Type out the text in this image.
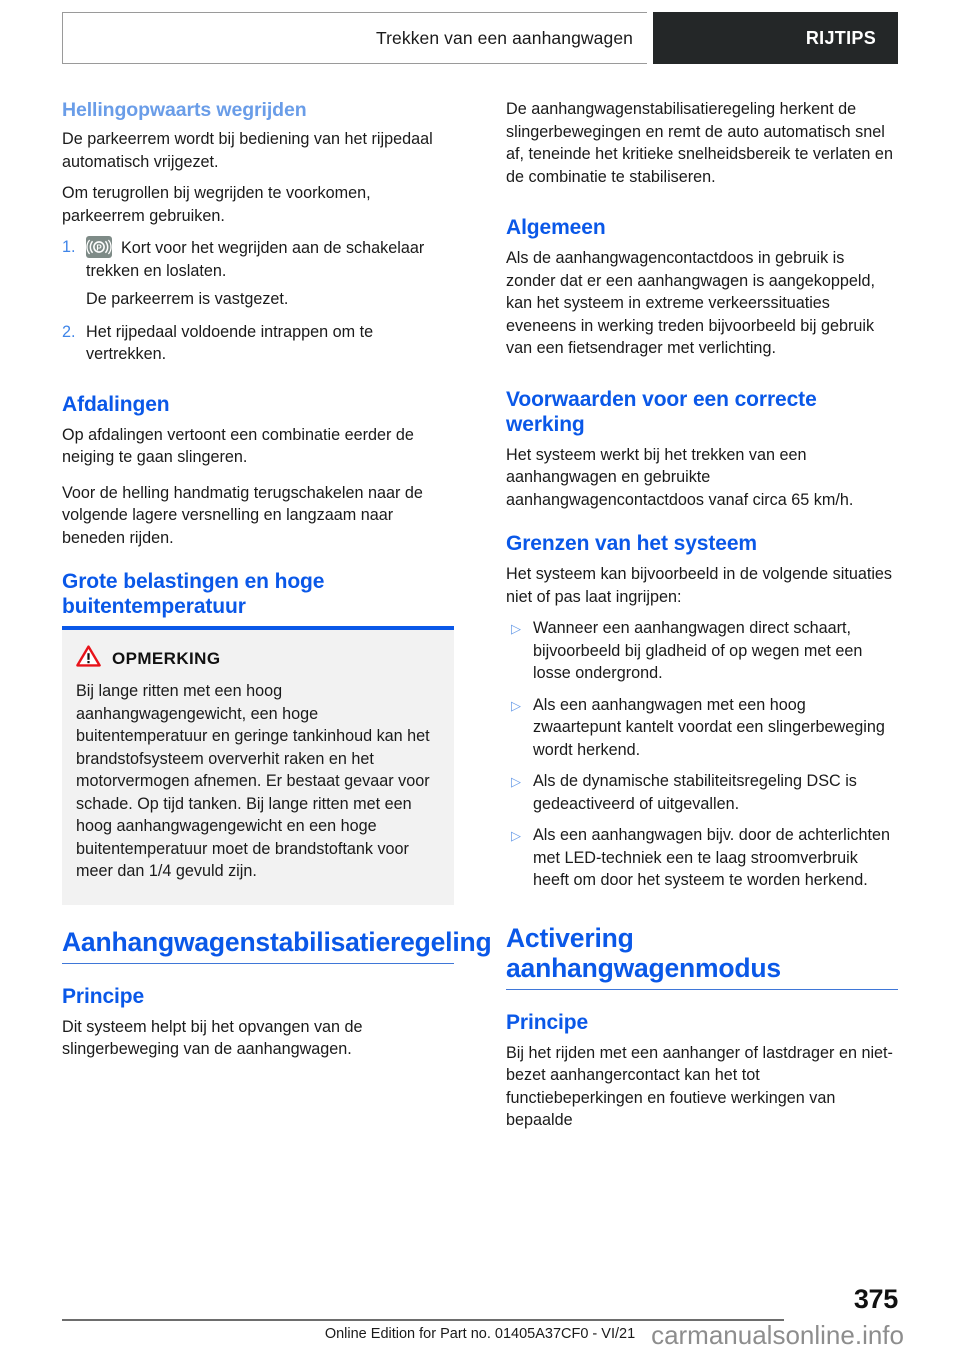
Trekken van een aanhangwagen	RIJTIPS
Hellingopwaarts wegrijden

De parkeerrem wordt bij bediening van het rijpedaal automatisch vrijgezet.

Om terugrollen bij wegrijden te voorkomen, parkeerrem gebruiken.

1.	P Kort voor het wegrijden aan de schakelaar trekken en loslaten.

De parkeerrem is vastgezet.

2. Het rijpedaal voldoende intrappen om te vertrekken.
Afdalingen

Op afdalingen vertoont een combinatie eerder de neiging te gaan slingeren.

Voor de helling handmatig terugschakelen naar de volgende lagere versnelling en langzaam naar beneden rijden.

Grote belastingen en hoge buitentemperatuur
OPMERKING

Bij lange ritten met een hoog aanhangwagengewicht, een hoge buitentemperatuur en geringe tankinhoud kan het brandstofsysteem oververhit raken en het motorvermogen afnemen. Er bestaat gevaar voor schade. Op tijd tanken. Bij lange ritten met een hoog aanhangwagengewicht en een hoge buitentemperatuur moet de brandstoftank voor meer dan 1/4 gevuld zijn.

Aanhangwagenstabilisatieregeling
Principe

Dit systeem helpt bij het opvangen van de slingerbeweging van de aanhangwagen.

De aanhangwagenstabilisatieregeling herkent de slingerbewegingen en remt de auto automatisch snel af, teneinde het kritieke snelheidsbereik te verlaten en de combinatie te stabiliseren.

Algemeen

Als de aanhangwagencontactdoos in gebruik is zonder dat er een aanhangwagen is aangekoppeld, kan het systeem in extreme verkeerssituaties eveneens in werking treden bijvoorbeeld bij gebruik van een fietsendrager met verlichting.

Voorwaarden voor een correcte werking

Het systeem werkt bij het trekken van een aanhangwagen en gebruikte aanhangwagencontactdoos vanaf circa 65 km/h.

Grenzen van het systeem

Het systeem kan bijvoorbeeld in de volgende situaties niet of pas laat ingrijpen:

▷ Wanneer een aanhangwagen direct schaart, bijvoorbeeld bij gladheid of op wegen met een losse ondergrond.
▷ Als een aanhangwagen met een hoog zwaartepunt kantelt voordat een slingerbeweging wordt herkend.
▷ Als de dynamische stabiliteitsregeling DSC is gedeactiveerd of uitgevallen.
▷ Als een aanhangwagen bijv. door de achterlichten met LED-techniek een te laag stroomverbruik heeft om door het systeem te worden herkend.
Activering aanhangwagenmodus
Principe

Bij het rijden met een aanhanger of lastdrager en niet-bezet aanhangercontact kan het tot functiebeperkingen en foutieve werkingen van bepaalde

375
Online Edition for Part no. 01405A37CF0 - VI/21 carmanualsonline.info
